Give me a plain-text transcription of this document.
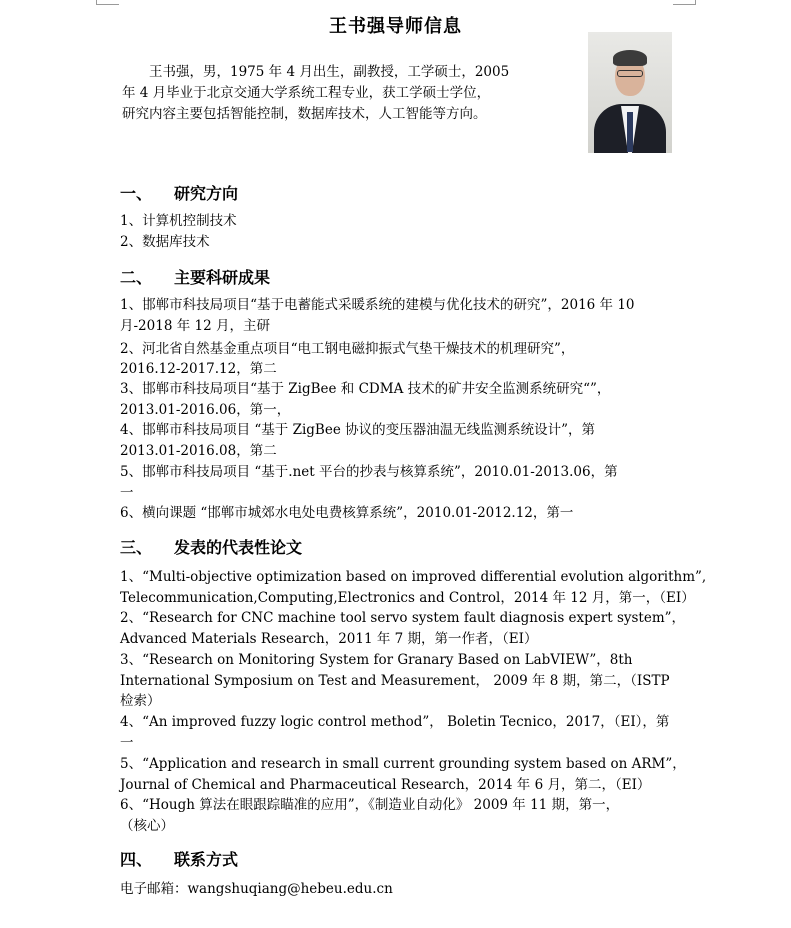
王书强导师信息
　　王书强，男，1975 年 4 月出生，副教授，工学硕士，2005
年 4 月毕业于北京交通大学系统工程专业，获工学硕士学位，
研究内容主要包括智能控制，数据库技术，人工智能等方向。
一、 研究方向
1、计算机控制技术
2、数据库技术
二、 主要科研成果
1、邯郸市科技局项目“基于电蓄能式采暖系统的建模与优化技术的研究”，2016 年 10
月-2018 年 12 月，主研
2、河北省自然基金重点项目“电工钢电磁抑振式气垫干燥技术的机理研究”，
2016.12-2017.12，第二
3、邯郸市科技局项目“基于 ZigBee 和 CDMA 技术的矿井安全监测系统研究“”，
2013.01-2016.06，第一，
4、邯郸市科技局项目 “基于 ZigBee 协议的变压器油温无线监测系统设计”，第
2013.01-2016.08，第二
5、邯郸市科技局项目 “基于.net 平台的抄表与核算系统”，2010.01-2013.06，第
一
6、横向课题 “邯郸市城郊水电处电费核算系统”，2010.01-2012.12，第一
三、 发表的代表性论文
1、“Multi-objective optimization based on improved differential evolution algorithm”,
Telecommunication,Computing,Electronics and Control，2014 年 12 月，第一，（EI）
2、“Research for CNC machine tool servo system fault diagnosis expert system”，
Advanced Materials Research，2011 年 7 期，第一作者，（EI）
3、“Research on Monitoring System for Granary Based on LabVIEW”，8th
International Symposium on Test and Measurement， 2009 年 8 期，第二，（ISTP
检索）
4、“An improved fuzzy logic control method”， Boletin Tecnico，2017，（EI），第
一
5、“Application and research in small current grounding system based on ARM”，
Journal of Chemical and Pharmaceutical Research，2014 年 6 月，第二，（EI）
6、“Hough 算法在眼跟踪瞄准的应用”，《制造业自动化》 2009 年 11 期，第一，
（核心）
四、 联系方式
电子邮箱：wangshuqiang@hebeu.edu.cn
